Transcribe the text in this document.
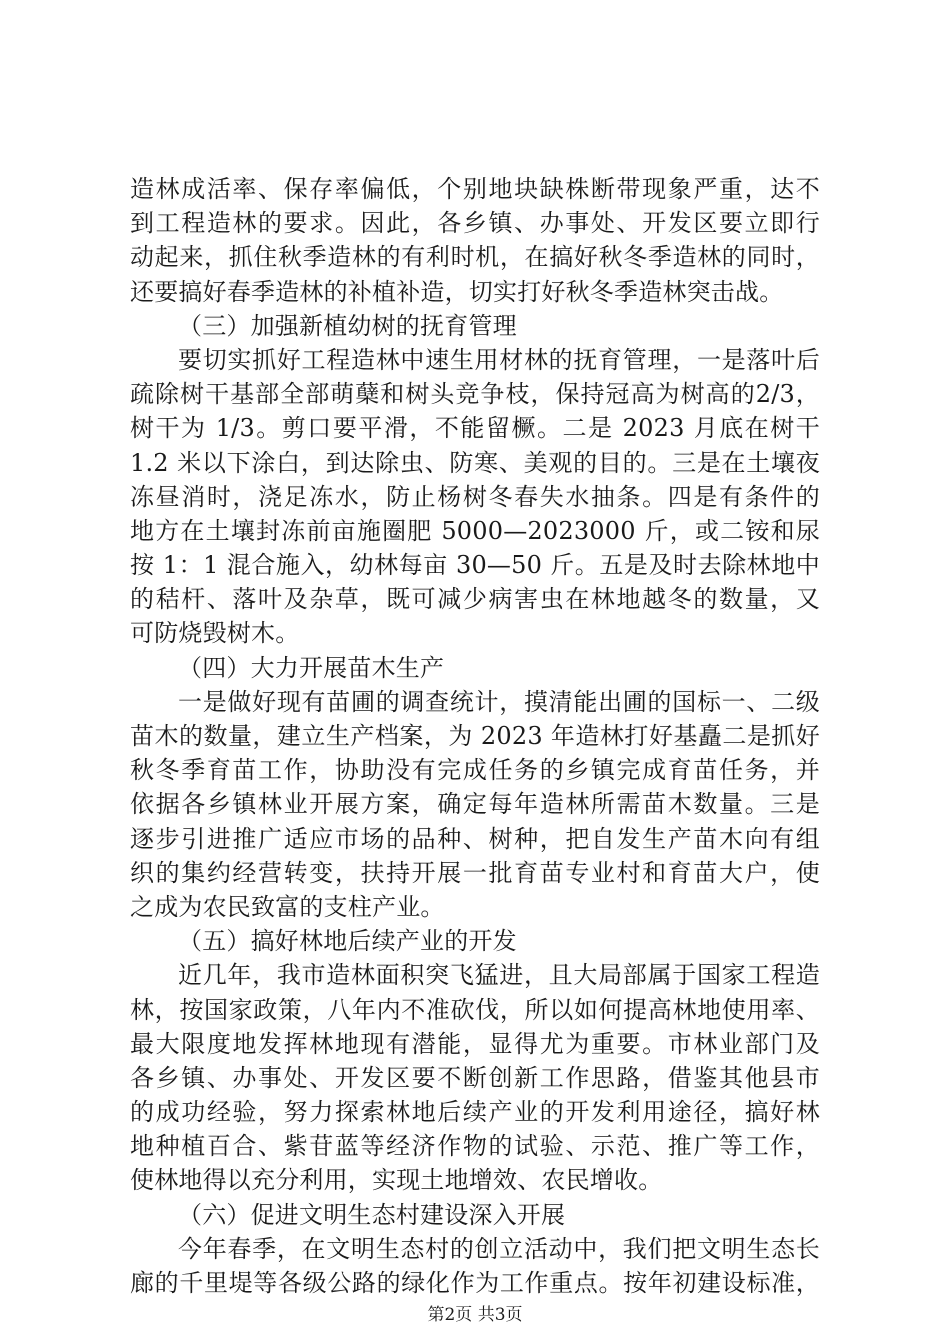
造林成活率、保存率偏低，个别地块缺株断带现象严重，达不
到工程造林的要求。因此，各乡镇、办事处、开发区要立即行
动起来，抓住秋季造林的有利时机，在搞好秋冬季造林的同时，
还要搞好春季造林的补植补造，切实打好秋冬季造林突击战。
（三）加强新植幼树的抚育管理
要切实抓好工程造林中速生用材林的抚育管理，一是落叶后
疏除树干基部全部萌蘖和树头竞争枝，保持冠高为树高的2/3，
树干为 1/3。剪口要平滑，不能留橛。二是 2023 月底在树干
1.2 米以下涂白，到达除虫、防寒、美观的目的。三是在土壤夜
冻昼消时，浇足冻水，防止杨树冬春失水抽条。四是有条件的
地方在土壤封冻前亩施圈肥 5000—2023000 斤，或二铵和尿
按 1：1 混合施入，幼林每亩 30—50 斤。五是及时去除林地中
的秸杆、落叶及杂草，既可减少病害虫在林地越冬的数量，又
可防烧毁树木。
（四）大力开展苗木生产
一是做好现有苗圃的调查统计，摸清能出圃的国标一、二级
苗木的数量，建立生产档案，为 2023 年造林打好基矗二是抓好
秋冬季育苗工作，协助没有完成任务的乡镇完成育苗任务，并
依据各乡镇林业开展方案，确定每年造林所需苗木数量。三是
逐步引进推广适应市场的品种、树种，把自发生产苗木向有组
织的集约经营转变，扶持开展一批育苗专业村和育苗大户，使
之成为农民致富的支柱产业。
（五）搞好林地后续产业的开发
近几年，我市造林面积突飞猛进，且大局部属于国家工程造
林，按国家政策，八年内不准砍伐，所以如何提高林地使用率、
最大限度地发挥林地现有潜能，显得尤为重要。市林业部门及
各乡镇、办事处、开发区要不断创新工作思路，借鉴其他县市
的成功经验，努力探索林地后续产业的开发利用途径，搞好林
地种植百合、紫苷蓝等经济作物的试验、示范、推广等工作，
使林地得以充分利用，实现土地增效、农民增收。
（六）促进文明生态村建设深入开展
今年春季，在文明生态村的创立活动中，我们把文明生态长
廊的千里堤等各级公路的绿化作为工作重点。按年初建设标准，
第2页 共3页
